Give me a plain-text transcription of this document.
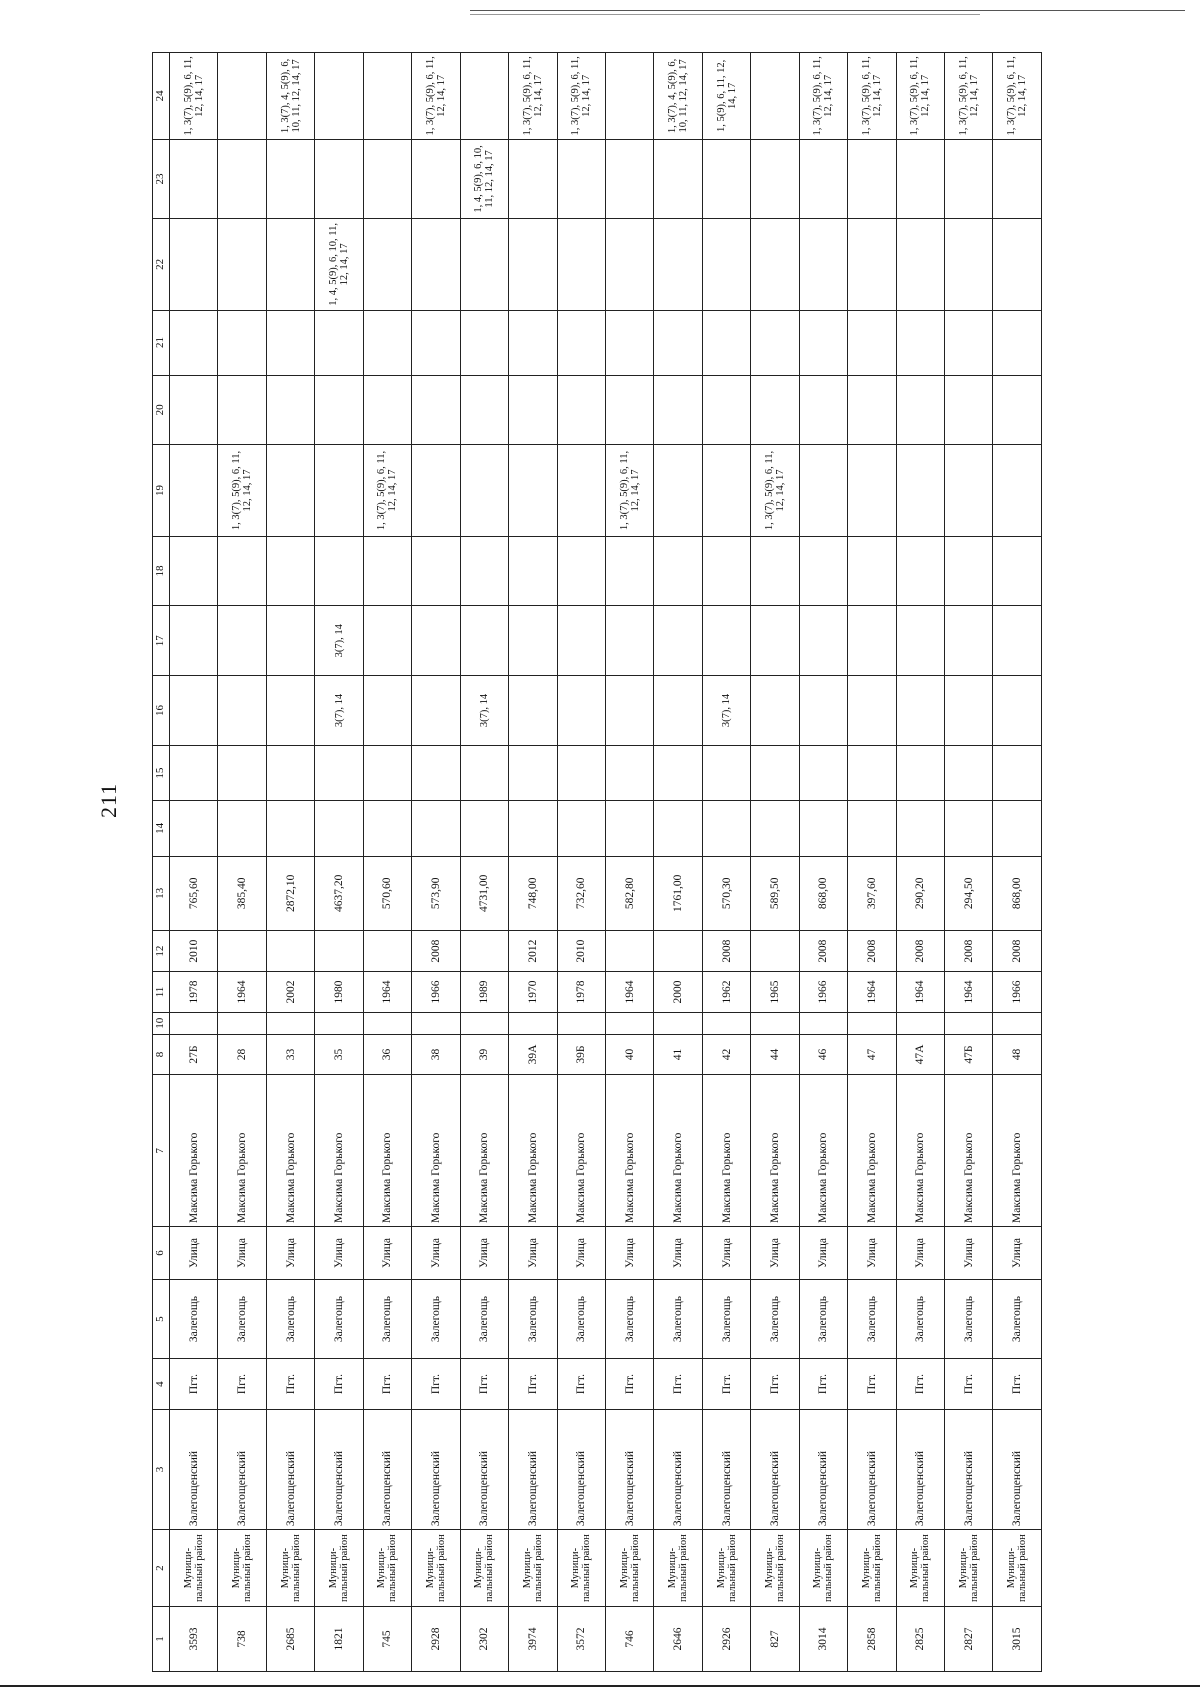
211
1	2	3	4	5	6	7	8	10	11	12	13	14	15	16	17	18	19	20	21	22	23	24
3593	Муници-пальный район	Залегощенский	Пгт.	Залегощь	Улица	Максима Горького	27Б		1978	2010	765,60											1, 3(7), 5(9), 6, 11, 12, 14, 17
738	Муници-пальный район	Залегощенский	Пгт.	Залегощь	Улица	Максима Горького	28		1964		385,40						1, 3(7), 5(9), 6, 11, 12, 14, 17					
2685	Муници-пальный район	Залегощенский	Пгт.	Залегощь	Улица	Максима Горького	33		2002		2872,10											1, 3(7), 4, 5(9), 6, 10, 11, 12, 14, 17
1821	Муници-пальный район	Залегощенский	Пгт.	Залегощь	Улица	Максима Горького	35		1980		4637,20			3(7), 14	3(7), 14					1, 4, 5(9), 6, 10, 11, 12, 14, 17		
745	Муници-пальный район	Залегощенский	Пгт.	Залегощь	Улица	Максима Горького	36		1964		570,60						1, 3(7), 5(9), 6, 11, 12, 14, 17					
2928	Муници-пальный район	Залегощенский	Пгт.	Залегощь	Улица	Максима Горького	38		1966	2008	573,90											1, 3(7), 5(9), 6, 11, 12, 14, 17
2302	Муници-пальный район	Залегощенский	Пгт.	Залегощь	Улица	Максима Горького	39		1989		4731,00			3(7), 14							1, 4, 5(9), 6, 10, 11, 12, 14, 17	
3974	Муници-пальный район	Залегощенский	Пгт.	Залегощь	Улица	Максима Горького	39А		1970	2012	748,00											1, 3(7), 5(9), 6, 11, 12, 14, 17
3572	Муници-пальный район	Залегощенский	Пгт.	Залегощь	Улица	Максима Горького	39Б		1978	2010	732,60											1, 3(7), 5(9), 6, 11, 12, 14, 17
746	Муници-пальный район	Залегощенский	Пгт.	Залегощь	Улица	Максима Горького	40		1964		582,80						1, 3(7), 5(9), 6, 11, 12, 14, 17					
2646	Муници-пальный район	Залегощенский	Пгт.	Залегощь	Улица	Максима Горького	41		2000		1761,00											1, 3(7), 4, 5(9), 6, 10, 11, 12, 14, 17
2926	Муници-пальный район	Залегощенский	Пгт.	Залегощь	Улица	Максима Горького	42		1962	2008	570,30			3(7), 14								1, 5(9), 6, 11, 12, 14, 17
827	Муници-пальный район	Залегощенский	Пгт.	Залегощь	Улица	Максима Горького	44		1965		589,50						1, 3(7), 5(9), 6, 11, 12, 14, 17					
3014	Муници-пальный район	Залегощенский	Пгт.	Залегощь	Улица	Максима Горького	46		1966	2008	868,00											1, 3(7), 5(9), 6, 11, 12, 14, 17
2858	Муници-пальный район	Залегощенский	Пгт.	Залегощь	Улица	Максима Горького	47		1964	2008	397,60											1, 3(7), 5(9), 6, 11, 12, 14, 17
2825	Муници-пальный район	Залегощенский	Пгт.	Залегощь	Улица	Максима Горького	47А		1964	2008	290,20											1, 3(7), 5(9), 6, 11, 12, 14, 17
2827	Муници-пальный район	Залегощенский	Пгт.	Залегощь	Улица	Максима Горького	47Б		1964	2008	294,50											1, 3(7), 5(9), 6, 11, 12, 14, 17
3015	Муници-пальный район	Залегощенский	Пгт.	Залегощь	Улица	Максима Горького	48		1966	2008	868,00											1, 3(7), 5(9), 6, 11, 12, 14, 17
